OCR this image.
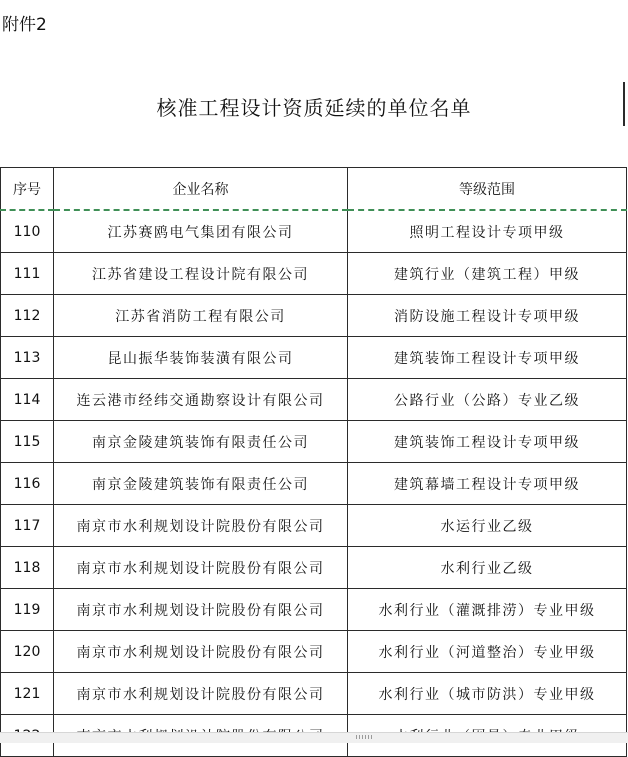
附件2
核准工程设计资质延续的单位名单
序号	企业名称	等级范围
110	江苏赛鸥电气集团有限公司	照明工程设计专项甲级
111	江苏省建设工程设计院有限公司	建筑行业（建筑工程）甲级
112	江苏省消防工程有限公司	消防设施工程设计专项甲级
113	昆山振华装饰装潢有限公司	建筑装饰工程设计专项甲级
114	连云港市经纬交通勘察设计有限公司	公路行业（公路）专业乙级
115	南京金陵建筑装饰有限责任公司	建筑装饰工程设计专项甲级
116	南京金陵建筑装饰有限责任公司	建筑幕墙工程设计专项甲级
117	南京市水利规划设计院股份有限公司	水运行业乙级
118	南京市水利规划设计院股份有限公司	水利行业乙级
119	南京市水利规划设计院股份有限公司	水利行业（灌溉排涝）专业甲级
120	南京市水利规划设计院股份有限公司	水利行业（河道整治）专业甲级
121	南京市水利规划设计院股份有限公司	水利行业（城市防洪）专业甲级
